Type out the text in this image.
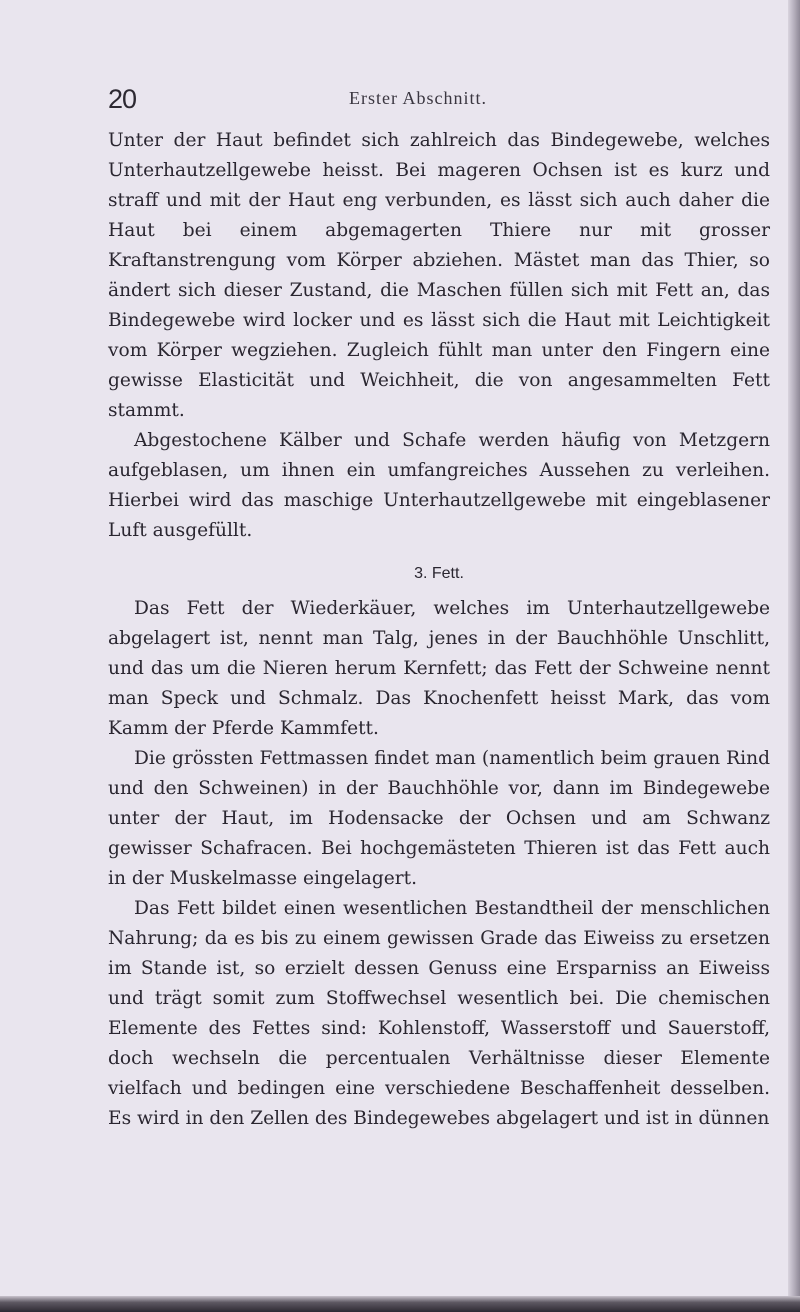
20	Erster Abschnitt.

Unter der Haut befindet sich zahlreich das Bindegewebe, welches Unterhautzellgewebe heisst. Bei mageren Ochsen ist es kurz und straff und mit der Haut eng verbunden, es lässt sich auch daher die Haut bei einem abgemagerten Thiere nur mit grosser Kraftanstrengung vom Körper abziehen. Mästet man das Thier, so ändert sich dieser Zustand, die Maschen füllen sich mit Fett an, das Bindegewebe wird locker und es lässt sich die Haut mit Leichtigkeit vom Körper wegziehen. Zugleich fühlt man unter den Fingern eine gewisse Elasticität und Weichheit, die von angesammelten Fett stammt.

Abgestochene Kälber und Schafe werden häufig von Metzgern aufgeblasen, um ihnen ein umfangreiches Aussehen zu verleihen. Hierbei wird das maschige Unterhautzellgewebe mit eingeblasener Luft ausgefüllt.

3. Fett.

Das Fett der Wiederkäuer, welches im Unterhautzellgewebe abgelagert ist, nennt man Talg, jenes in der Bauchhöhle Unschlitt, und das um die Nieren herum Kernfett; das Fett der Schweine nennt man Speck und Schmalz. Das Knochenfett heisst Mark, das vom Kamm der Pferde Kammfett.

Die grössten Fettmassen findet man (namentlich beim grauen Rind und den Schweinen) in der Bauchhöhle vor, dann im Bindegewebe unter der Haut, im Hodensacke der Ochsen und am Schwanz gewisser Schafracen. Bei hochgemästeten Thieren ist das Fett auch in der Muskelmasse eingelagert.

Das Fett bildet einen wesentlichen Bestandtheil der menschlichen Nahrung; da es bis zu einem gewissen Grade das Eiweiss zu ersetzen im Stande ist, so erzielt dessen Genuss eine Ersparniss an Eiweiss und trägt somit zum Stoffwechsel wesentlich bei. Die chemischen Elemente des Fettes sind: Kohlenstoff, Wasserstoff und Sauerstoff, doch wechseln die percentualen Verhältnisse dieser Elemente vielfach und bedingen eine verschiedene Beschaffenheit desselben. Es wird in den Zellen des Bindegewebes abgelagert und ist in dünnen
